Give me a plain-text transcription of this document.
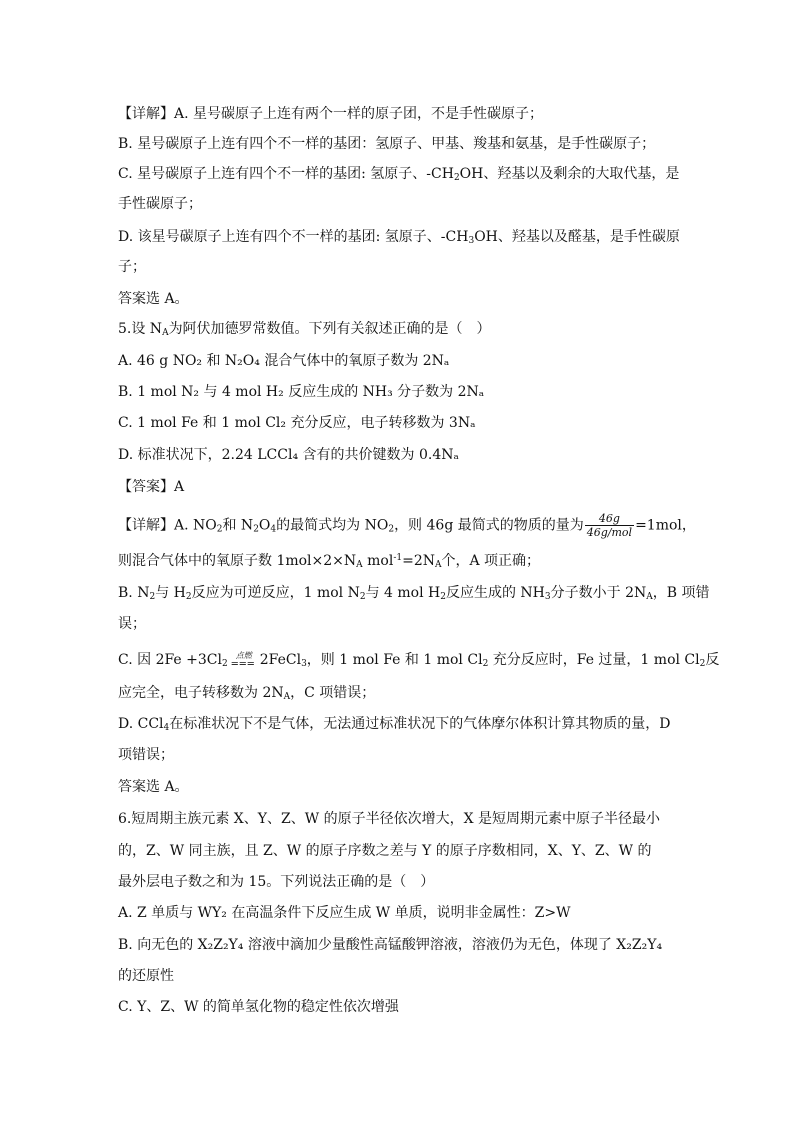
【详解】A. 星号碳原子上连有两个一样的原子团，不是手性碳原子；
B. 星号碳原子上连有四个不一样的基团：氢原子、甲基、羧基和氨基，是手性碳原子；
C. 星号碳原子上连有四个不一样的基团: 氢原子、$-CH_2OH$、羟基以及剩余的大取代基，是
手性碳原子；
D. 该星号碳原子上连有四个不一样的基团: 氢原子、$-CH_3OH$、羟基以及醛基，是手性碳原
子；
答案选 A。
5.设 $N_A$为阿伏加德罗常数值。下列有关叙述正确的是（　）
A. 46 g NO₂ 和 N₂O₄ 混合气体中的氧原子数为 2Nₐ
B. 1 mol N₂ 与 4 mol H₂ 反应生成的 NH₃ 分子数为 2Nₐ
C. 1 mol Fe 和 1 mol Cl₂ 充分反应，电子转移数为 3Nₐ
D. 标准状况下，2.24 LCCl₄ 含有的共价键数为 0.4Nₐ
【答案】A
【详解】A. $NO_2$和 $N_2O_4$的最简式均为 $NO_2$，则 46g 最简式的物质的量为 $\frac{46g}{\text{46g/mol}} =1mol$，
则混合气体中的氧原子数 $1mol\times 2\times N_A$ $mol^{-1}=2N_A$个，A 项正确；
B. $N_2$与 $H_2$反应为可逆反应，1 mol $N_2$与 4 mol $H_2$反应生成的 $NH_3$分子数小于 $2N_A$，B 项错
误；
C. 因 $2Fe +3Cl_2$
点燃
═══ 2FeCl$_3$，则 1 mol Fe 和 1 mol $Cl_2$ 充分反应时，Fe 过量，1 mol $Cl_2$反
应完全，电子转移数为 $2N_A$，C 项错误；
D. CCl$_4$在标准状况下不是气体，无法通过标准状况下的气体摩尔体积计算其物质的量，D
项错误；
答案选 A。
6.短周期主族元素 X、Y、Z、W 的原子半径依次增大，X 是短周期元素中原子半径最小
的，Z、W 同主族，且 Z、W 的原子序数之差与 Y 的原子序数相同，X、Y、Z、W 的
最外层电子数之和为 15。下列说法正确的是（　）
A. Z 单质与 WY₂ 在高温条件下反应生成 W 单质，说明非金属性：Z>W
B. 向无色的 X₂Z₂Y₄ 溶液中滴加少量酸性高锰酸钾溶液，溶液仍为无色，体现了 X₂Z₂Y₄
的还原性
C. Y、Z、W 的简单氢化物的稳定性依次增强
